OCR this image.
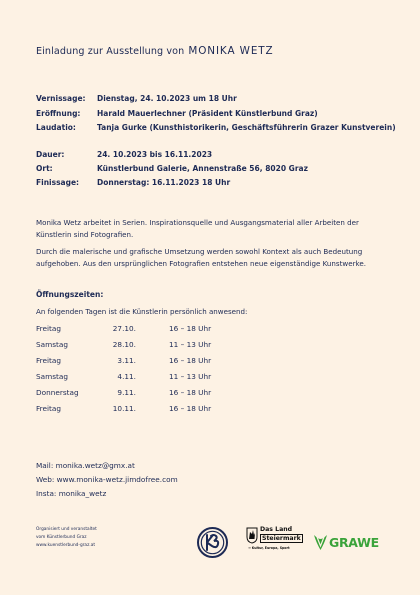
Einladung zur Ausstellung von MONIKA WETZ
Vernissage: Dienstag, 24. 10.2023 um 18 Uhr
Eröffnung: Harald Mauerlechner (Präsident Künstlerbund Graz)
Laudatio:	Tanja Gurke (Kunsthistorikerin, Geschäftsführerin Grazer Kunstverein)
Dauer:	24. 10.2023 bis 16.11.2023
Ort:	Künstlerbund Galerie, Annenstraße 56, 8020 Graz
Finissage: Donnerstag: 16.11.2023 18 Uhr
Monika Wetz arbeitet in Serien. Inspirationsquelle und Ausgangsmaterial aller Arbeiten der
Künstlerin sind Fotografien.
Durch die malerische und grafische Umsetzung werden sowohl Kontext als auch Bedeutung
aufgehoben. Aus den ursprünglichen Fotografien entstehen neue eigenständige Kunstwerke.
Öffnungszeiten:
An folgenden Tagen ist die Künstlerin persönlich anwesend:
Freitag	27.10.	16 – 18 Uhr
Samstag	28.10.	11 – 13 Uhr
Freitag	3.11.	16 – 18 Uhr
Samstag	4.11.	11 – 13 Uhr
Donnerstag	9.11.	16 – 18 Uhr
Freitag	10.11.	16 – 18 Uhr
Mail: monika.wetz@gmx.at
Web: www.monika-wetz.jimdofree.com
Insta: monika_wetz
Organisiert und veranstaltet
vom Künstlerbund Graz
www.kuenstlerbund-graz.at
KB
Das Land
Steiermark
→ Kultur, Europa, Sport	GRAWE
